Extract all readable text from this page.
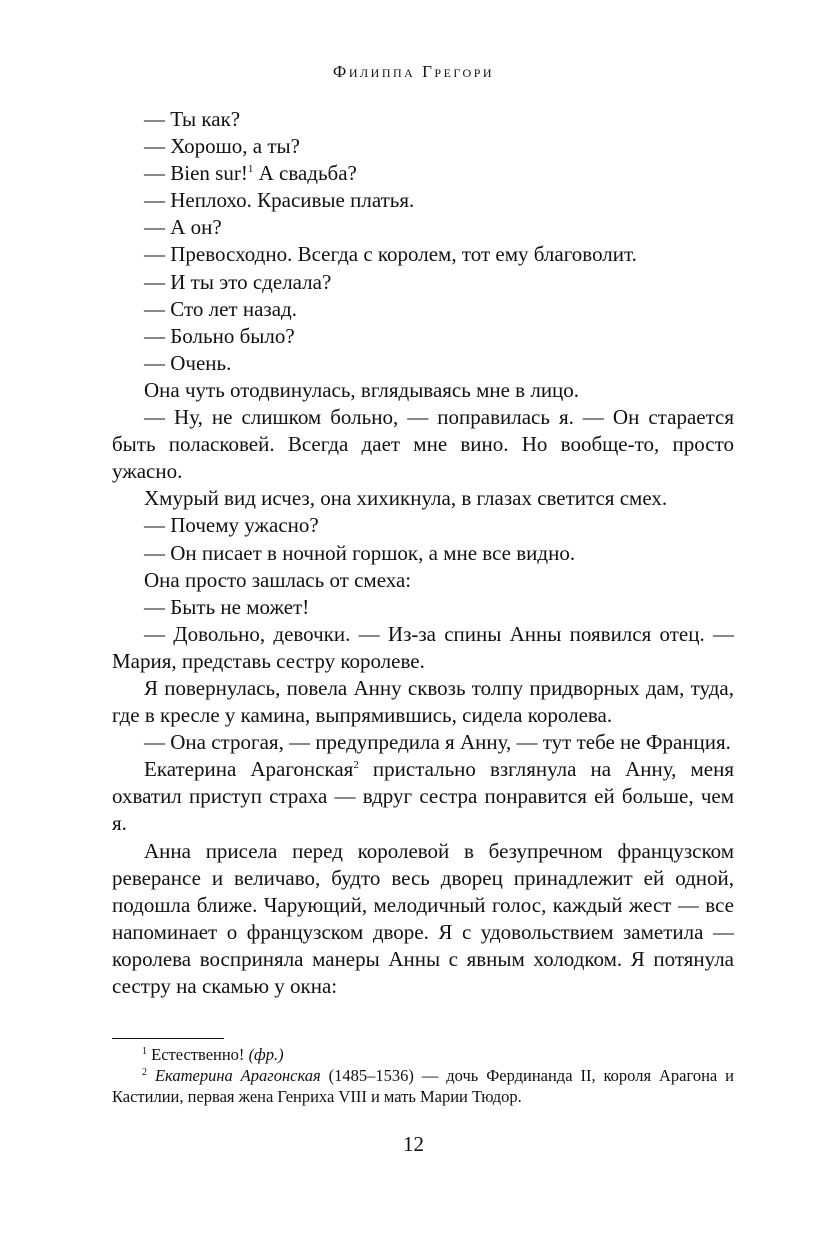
Филиппа Грегори

— Ты как?

— Хорошо, а ты?

— Bien sur!$^1$ А свадьба?

— Неплохо. Красивые платья.

— А он?

— Превосходно. Всегда с королем, тот ему благоволит.

— И ты это сделала?

— Сто лет назад.

— Больно было?

— Очень.

Она чуть отодвинулась, вглядываясь мне в лицо.

— Ну, не слишком больно, — поправилась я. — Он старается быть поласковей. Всегда дает мне вино. Но вообще-то, просто ужасно.

Хмурый вид исчез, она хихикнула, в глазах светится смех.

— Почему ужасно?

— Он писает в ночной горшок, а мне все видно.

Она просто зашлась от смеха:

— Быть не может!

— Довольно, девочки. — Из-за спины Анны появился отец. — Мария, представь сестру королеве.

Я повернулась, повела Анну сквозь толпу придворных дам, туда, где в кресле у камина, выпрямившись, сидела королева.

— Она строгая, — предупредила я Анну, — тут тебе не Франция.

Екатерина Арагонская$^2$ пристально взглянула на Анну, меня охватил приступ страха — вдруг сестра понравится ей больше, чем я.

Анна присела перед королевой в безупречном французском реверансе и величаво, будто весь дворец принадлежит ей одной, подошла ближе. Чарующий, мелодичный голос, каждый жест — все напоминает о французском дворе. Я с удовольствием заметила — королева восприняла манеры Анны с явным холодком. Я потянула сестру на скамью у окна:

$^1$ Естественно! (фр.)

$^2$ Екатерина Арагонская (1485–1536) — дочь Фердинанда II, короля Арагона и Кастилии, первая жена Генриха VIII и мать Марии Тюдор.

12
